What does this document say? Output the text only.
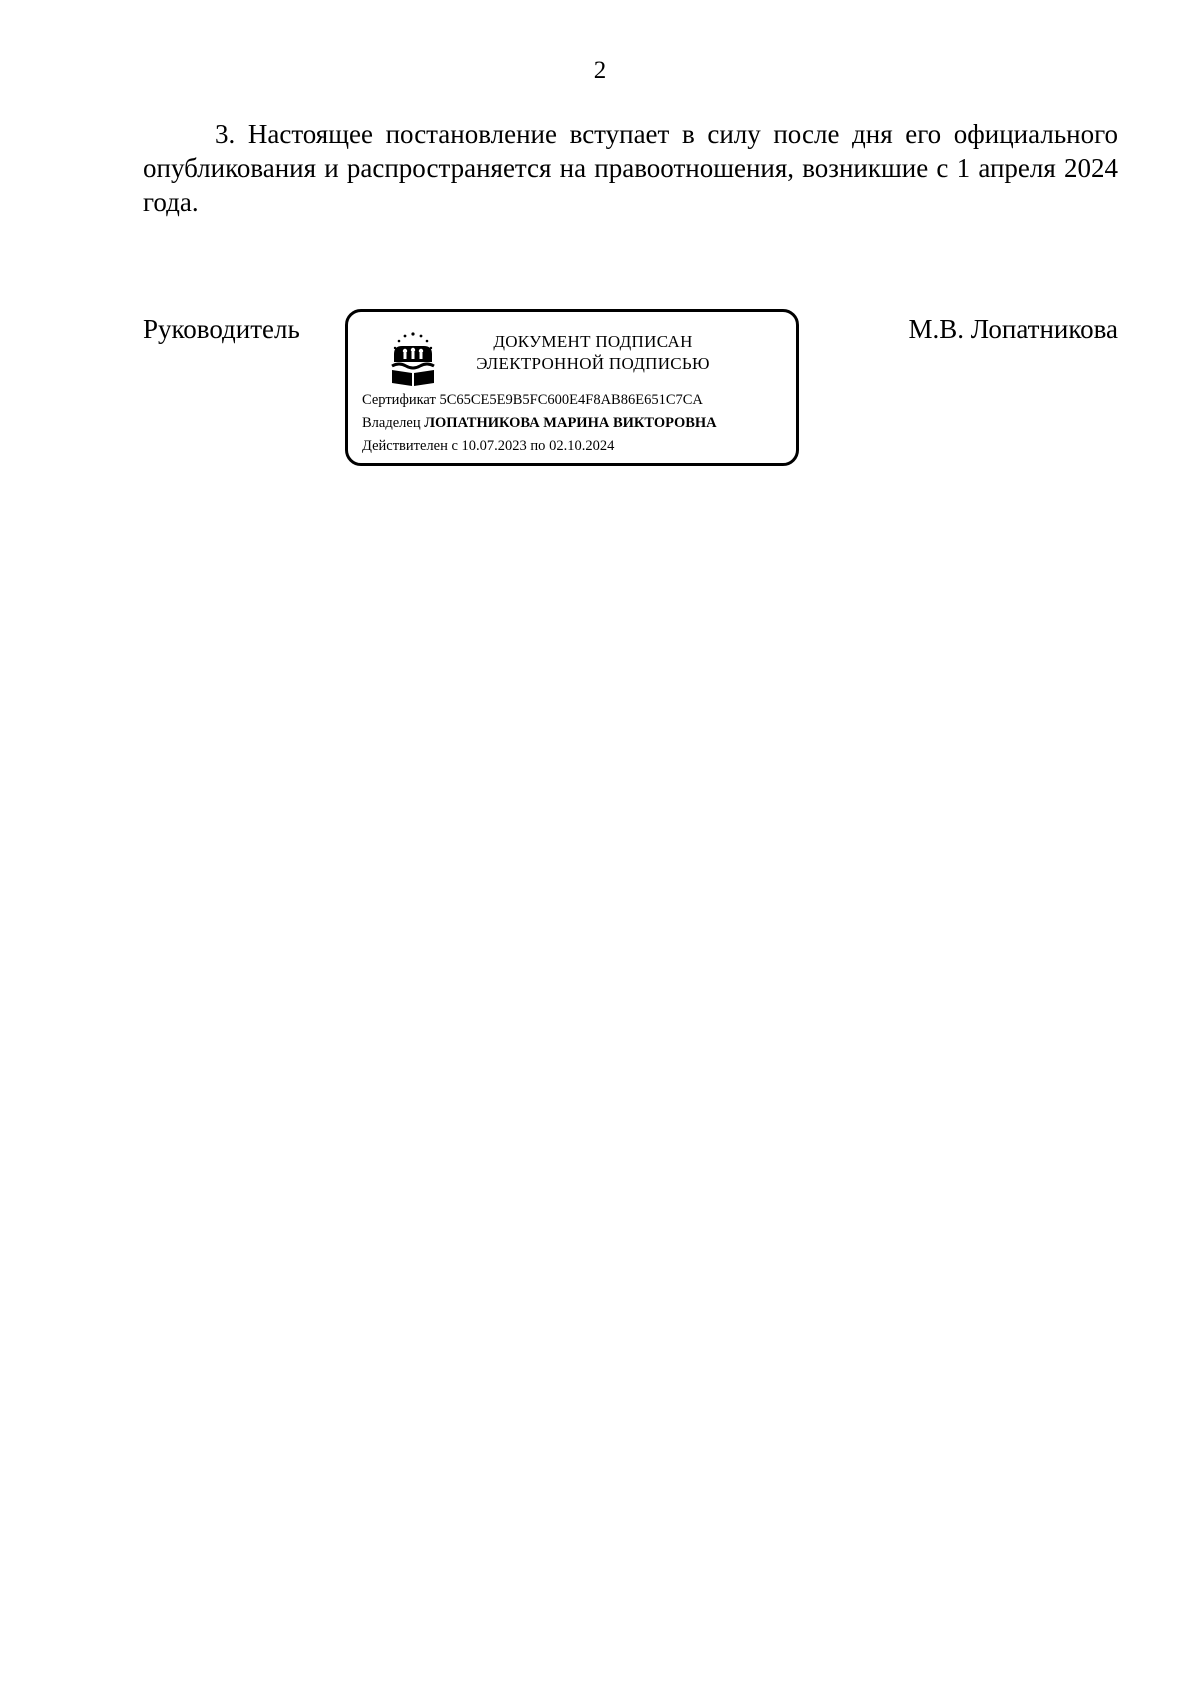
2

3. Настоящее постановление вступает в силу после дня его официального опубликования и распространяется на правоотношения, возникшие с 1 апреля 2024 года.

Руководитель	ДОКУМЕНТ ПОДПИСАН
ЭЛЕКТРОННОЙ ПОДПИСЬЮ
Сертификат 5C65CE5E9B5FC600E4F8AB86E651C7CA
Владелец ЛОПАТНИКОВА МАРИНА ВИКТОРОВНА
Действителен с 10.07.2023 по 02.10.2024
М.В. Лопатникова
